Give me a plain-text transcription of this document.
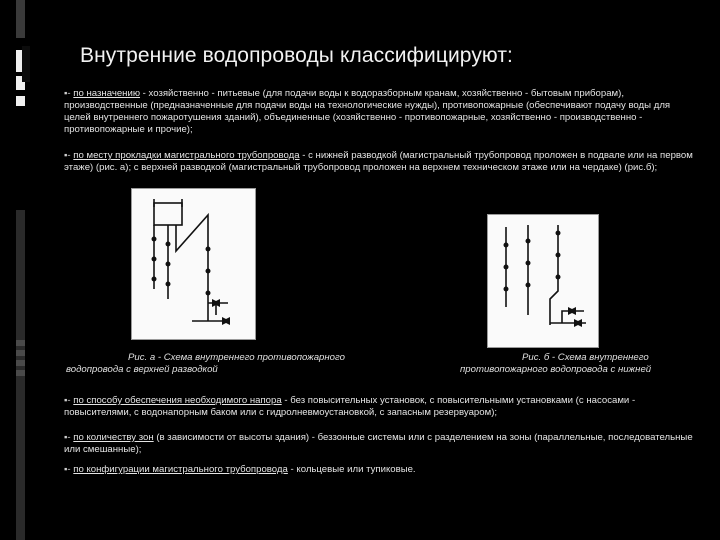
Внутренние водопроводы классифицируют:

▪- по назначению - хозяйственно - питьевые (для подачи воды к водоразборным кранам, хозяйственно - бытовым приборам), производственные (предназначенные для подачи воды на технологические нужды), противопожарные (обеспечивают подачу воды для целей внутреннего пожаротушения зданий), объединенные (хозяйственно - противопожарные, хозяйственно - производственно - противопожарные и прочие);

▪- по месту прокладки магистрального трубопровода - с нижней разводкой (магистральный трубопровод проложен в подвале или на первом этаже) (рис. а); с верхней разводкой (магистральный трубопровод проложен на верхнем техническом этаже или на чердаке) (рис.б);

Рис. а - Схема внутреннего противопожарного водопровода с верхней разводкой

Рис. б - Схема внутреннего противопожарного водопровода с нижней

▪- по способу обеспечения необходимого напора - без повысительных установок, с повысительными установками (с насосами - повысителями, с водонапорным баком или с гидролневмоустановкой, с запасным резервуаром);

▪- по количеству зон (в зависимости от высоты здания) - беззонные системы или с разделением на зоны (параллельные, последовательные или смешанные);

▪- по конфигурации магистрального трубопровода - кольцевые или тупиковые.
